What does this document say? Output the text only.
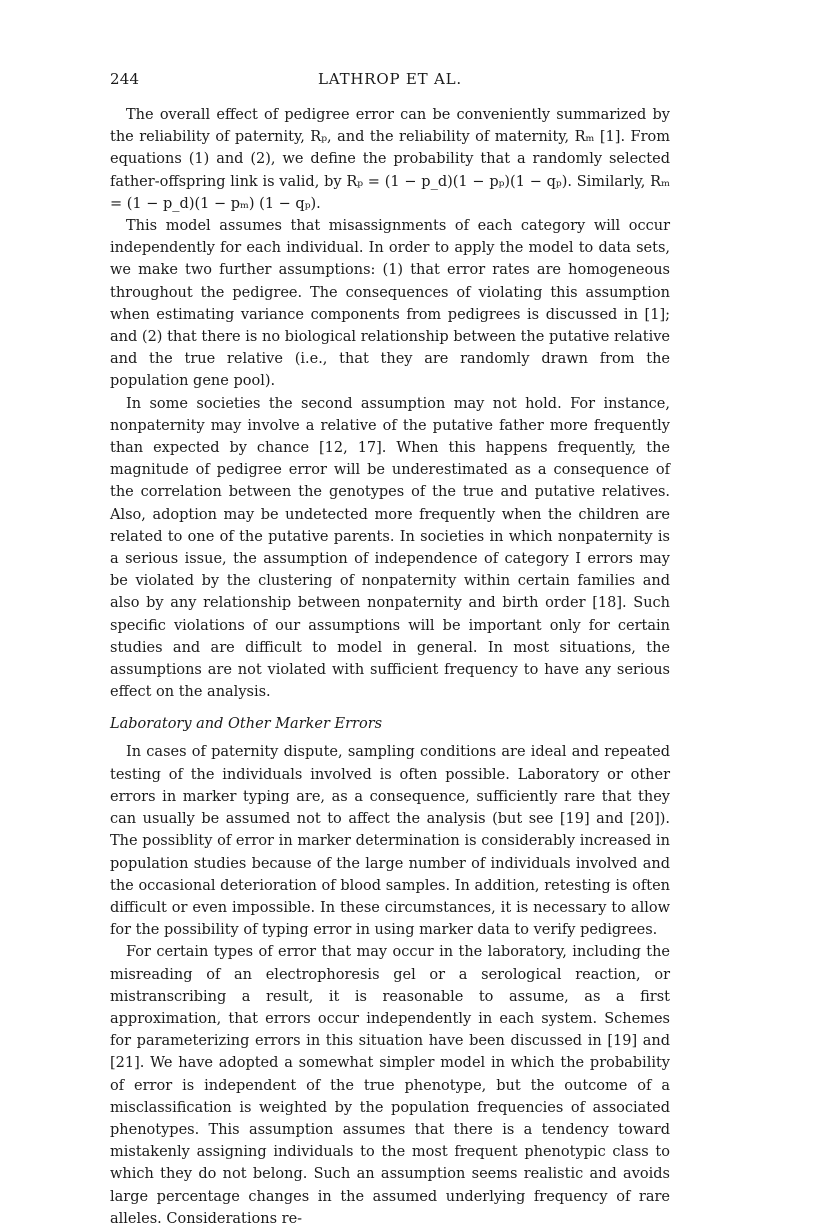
244	LATHROP ET AL.

The overall effect of pedigree error can be conveniently summarized by the reliability of paternity, Rₚ, and the reliability of maternity, Rₘ [1]. From equations (1) and (2), we define the probability that a randomly selected father-offspring link is valid, by Rₚ = (1 − p_d)(1 − pₚ)(1 − qₚ). Similarly, Rₘ = (1 − p_d)(1 − pₘ) (1 − qₚ).

This model assumes that misassignments of each category will occur independently for each individual. In order to apply the model to data sets, we make two further assumptions: (1) that error rates are homogeneous throughout the pedigree. The consequences of violating this assumption when estimating variance components from pedigrees is discussed in [1]; and (2) that there is no biological relationship between the putative relative and the true relative (i.e., that they are randomly drawn from the population gene pool).

In some societies the second assumption may not hold. For instance, nonpaternity may involve a relative of the putative father more frequently than expected by chance [12, 17]. When this happens frequently, the magnitude of pedigree error will be underestimated as a consequence of the correlation between the genotypes of the true and putative relatives. Also, adoption may be undetected more frequently when the children are related to one of the putative parents. In societies in which nonpaternity is a serious issue, the assumption of independence of category I errors may be violated by the clustering of nonpaternity within certain families and also by any relationship between nonpaternity and birth order [18]. Such specific violations of our assumptions will be important only for certain studies and are difficult to model in general. In most situations, the assumptions are not violated with sufficient frequency to have any serious effect on the analysis.

Laboratory and Other Marker Errors

In cases of paternity dispute, sampling conditions are ideal and repeated testing of the individuals involved is often possible. Laboratory or other errors in marker typing are, as a consequence, sufficiently rare that they can usually be assumed not to affect the analysis (but see [19] and [20]). The possiblity of error in marker determination is considerably increased in population studies because of the large number of individuals involved and the occasional deterioration of blood samples. In addition, retesting is often difficult or even impossible. In these circumstances, it is necessary to allow for the possibility of typing error in using marker data to verify pedigrees.

For certain types of error that may occur in the laboratory, including the misreading of an electrophoresis gel or a serological reaction, or mistranscribing a result, it is reasonable to assume, as a first approximation, that errors occur independently in each system. Schemes for parameterizing errors in this situation have been discussed in [19] and [21]. We have adopted a somewhat simpler model in which the probability of error is independent of the true phenotype, but the outcome of a misclassification is weighted by the population frequencies of associated phenotypes. This assumption assumes that there is a tendency toward mistakenly assigning individuals to the most frequent phenotypic class to which they do not belong. Such an assumption seems realistic and avoids large percentage changes in the assumed underlying frequency of rare alleles. Considerations re-
